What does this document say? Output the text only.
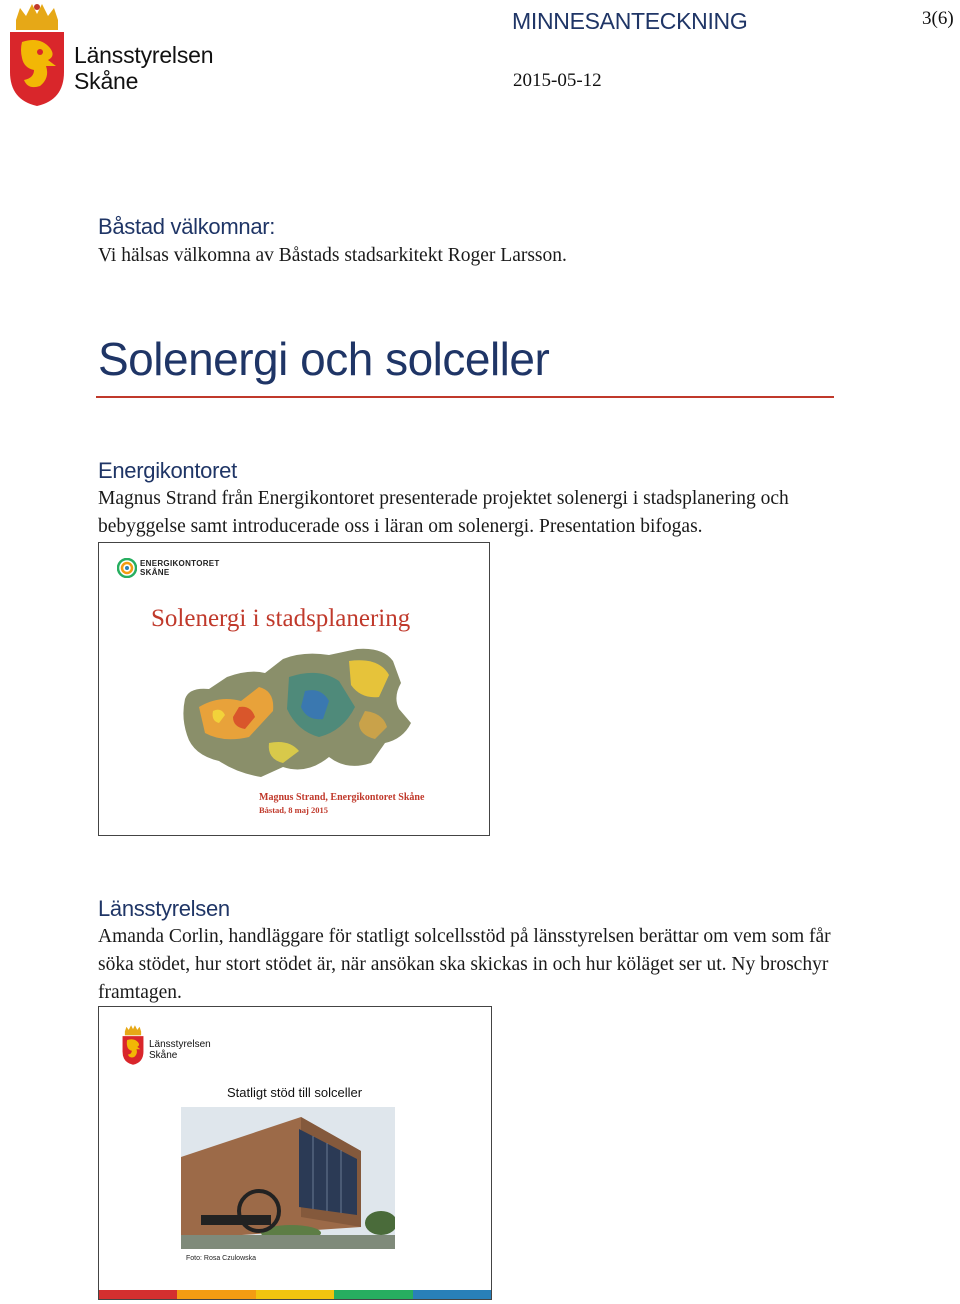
Länsstyrelsen
Skåne
MINNESANTECKNING	3(6)
2015-05-12
Båstad välkomnar:
Vi hälsas välkomna av Båstads stadsarkitekt Roger Larsson.
Solenergi och solceller
Energikontoret
Magnus Strand från Energikontoret presenterade projektet solenergi i stadsplanering och bebyggelse samt introducerade oss i läran om solenergi. Presentation bifogas.
ENERGIKONTORET
SKÅNE
Solenergi i stadsplanering
Magnus Strand, Energikontoret Skåne
Båstad, 8 maj 2015
Länsstyrelsen
Amanda Corlin, handläggare för statligt solcellsstöd på länsstyrelsen berättar om vem som får söka stödet, hur stort stödet är, när ansökan ska skickas in och hur köläget ser ut. Ny broschyr framtagen.
Länsstyrelsen
Skåne
Statligt stöd till solceller
Foto: Rosa Czulowska
